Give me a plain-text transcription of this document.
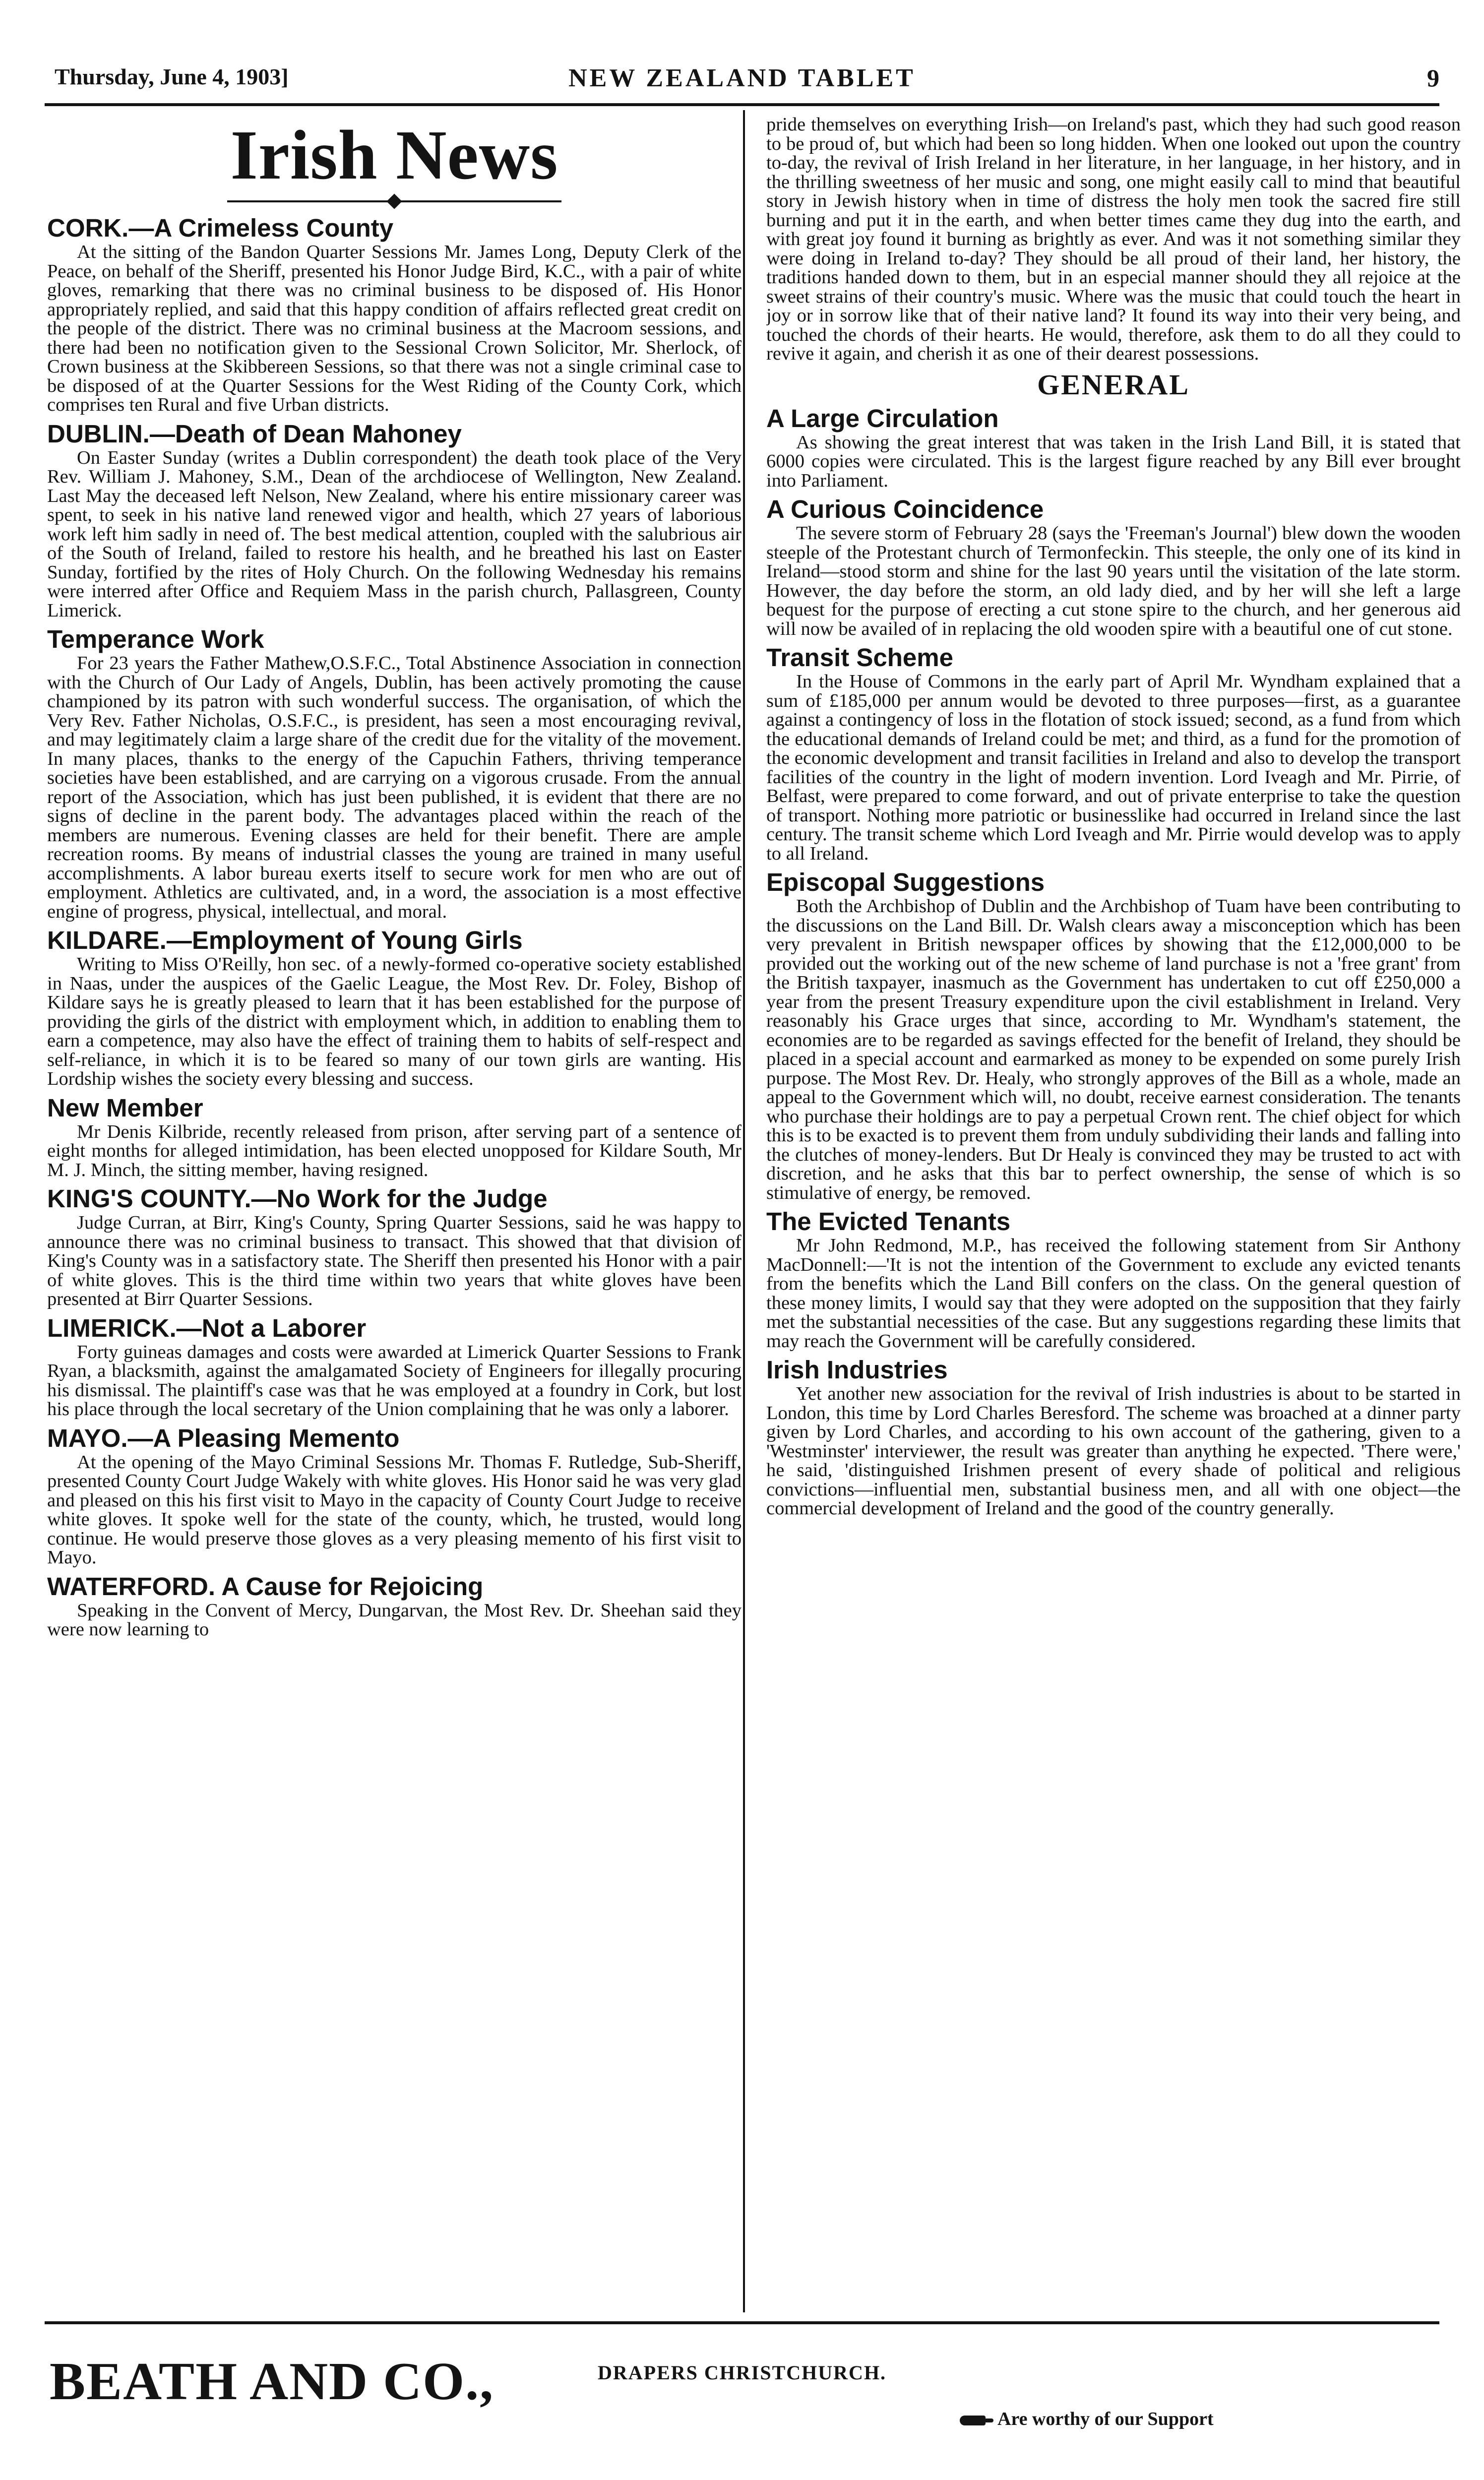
Thursday, June 4, 1903]	NEW ZEALAND TABLET	9
Irish News
CORK.—A Crimeless County

At the sitting of the Bandon Quarter Sessions Mr. James Long, Deputy Clerk of the Peace, on behalf of the Sheriff, presented his Honor Judge Bird, K.C., with a pair of white gloves, remarking that there was no criminal business to be disposed of. His Honor appropriately replied, and said that this happy condition of affairs reflected great credit on the people of the district. There was no criminal business at the Macroom sessions, and there had been no notification given to the Sessional Crown Solicitor, Mr. Sherlock, of Crown business at the Skibbereen Sessions, so that there was not a single criminal case to be disposed of at the Quarter Sessions for the West Riding of the County Cork, which comprises ten Rural and five Urban districts.

DUBLIN.—Death of Dean Mahoney

On Easter Sunday (writes a Dublin correspondent) the death took place of the Very Rev. William J. Mahoney, S.M., Dean of the archdiocese of Wellington, New Zealand. Last May the deceased left Nelson, New Zealand, where his entire missionary career was spent, to seek in his native land renewed vigor and health, which 27 years of laborious work left him sadly in need of. The best medical attention, coupled with the salubrious air of the South of Ireland, failed to restore his health, and he breathed his last on Easter Sunday, fortified by the rites of Holy Church. On the following Wednesday his remains were interred after Office and Requiem Mass in the parish church, Pallasgreen, County Limerick.

Temperance Work

For 23 years the Father Mathew,O.S.F.C., Total Abstinence Association in connection with the Church of Our Lady of Angels, Dublin, has been actively promoting the cause championed by its patron with such wonderful success. The organisation, of which the Very Rev. Father Nicholas, O.S.F.C., is president, has seen a most encouraging revival, and may legitimately claim a large share of the credit due for the vitality of the movement. In many places, thanks to the energy of the Capuchin Fathers, thriving temperance societies have been established, and are carrying on a vigorous crusade. From the annual report of the Association, which has just been published, it is evident that there are no signs of decline in the parent body. The advantages placed within the reach of the members are numerous. Evening classes are held for their benefit. There are ample recreation rooms. By means of industrial classes the young are trained in many useful accomplishments. A labor bureau exerts itself to secure work for men who are out of employment. Athletics are cultivated, and, in a word, the association is a most effective engine of progress, physical, intellectual, and moral.

KILDARE.—Employment of Young Girls

Writing to Miss O'Reilly, hon sec. of a newly-formed co-operative society established in Naas, under the auspices of the Gaelic League, the Most Rev. Dr. Foley, Bishop of Kildare says he is greatly pleased to learn that it has been established for the purpose of providing the girls of the district with employment which, in addition to enabling them to earn a competence, may also have the effect of training them to habits of self-respect and self-reliance, in which it is to be feared so many of our town girls are wanting. His Lordship wishes the society every blessing and success.

New Member

Mr Denis Kilbride, recently released from prison, after serving part of a sentence of eight months for alleged intimidation, has been elected unopposed for Kildare South, Mr M. J. Minch, the sitting member, having resigned.

KING'S COUNTY.—No Work for the Judge

Judge Curran, at Birr, King's County, Spring Quarter Sessions, said he was happy to announce there was no criminal business to transact. This showed that that division of King's County was in a satisfactory state. The Sheriff then presented his Honor with a pair of white gloves. This is the third time within two years that white gloves have been presented at Birr Quarter Sessions.

LIMERICK.—Not a Laborer

Forty guineas damages and costs were awarded at Limerick Quarter Sessions to Frank Ryan, a blacksmith, against the amalgamated Society of Engineers for illegally procuring his dismissal. The plaintiff's case was that he was employed at a foundry in Cork, but lost his place through the local secretary of the Union complaining that he was only a laborer.

MAYO.—A Pleasing Memento

At the opening of the Mayo Criminal Sessions Mr. Thomas F. Rutledge, Sub-Sheriff, presented County Court Judge Wakely with white gloves. His Honor said he was very glad and pleased on this his first visit to Mayo in the capacity of County Court Judge to receive white gloves. It spoke well for the state of the county, which, he trusted, would long continue. He would preserve those gloves as a very pleasing memento of his first visit to Mayo.

WATERFORD. A Cause for Rejoicing

Speaking in the Convent of Mercy, Dungarvan, the Most Rev. Dr. Sheehan said they were now learning to

pride themselves on everything Irish—on Ireland's past, which they had such good reason to be proud of, but which had been so long hidden. When one looked out upon the country to-day, the revival of Irish Ireland in her literature, in her language, in her history, and in the thrilling sweetness of her music and song, one might easily call to mind that beautiful story in Jewish history when in time of distress the holy men took the sacred fire still burning and put it in the earth, and when better times came they dug into the earth, and with great joy found it burning as brightly as ever. And was it not something similar they were doing in Ireland to-day? They should be all proud of their land, her history, the traditions handed down to them, but in an especial manner should they all rejoice at the sweet strains of their country's music. Where was the music that could touch the heart in joy or in sorrow like that of their native land? It found its way into their very being, and touched the chords of their hearts. He would, therefore, ask them to do all they could to revive it again, and cherish it as one of their dearest possessions.

GENERAL
A Large Circulation

As showing the great interest that was taken in the Irish Land Bill, it is stated that 6000 copies were circulated. This is the largest figure reached by any Bill ever brought into Parliament.

A Curious Coincidence

The severe storm of February 28 (says the 'Freeman's Journal') blew down the wooden steeple of the Protestant church of Termonfeckin. This steeple, the only one of its kind in Ireland—stood storm and shine for the last 90 years until the visitation of the late storm. However, the day before the storm, an old lady died, and by her will she left a large bequest for the purpose of erecting a cut stone spire to the church, and her generous aid will now be availed of in replacing the old wooden spire with a beautiful one of cut stone.

Transit Scheme

In the House of Commons in the early part of April Mr. Wyndham explained that a sum of £185,000 per annum would be devoted to three purposes—first, as a guarantee against a contingency of loss in the flotation of stock issued; second, as a fund from which the educational demands of Ireland could be met; and third, as a fund for the promotion of the economic development and transit facilities in Ireland and also to develop the transport facilities of the country in the light of modern invention. Lord Iveagh and Mr. Pirrie, of Belfast, were prepared to come forward, and out of private enterprise to take the question of transport. Nothing more patriotic or businesslike had occurred in Ireland since the last century. The transit scheme which Lord Iveagh and Mr. Pirrie would develop was to apply to all Ireland.

Episcopal Suggestions

Both the Archbishop of Dublin and the Archbishop of Tuam have been contributing to the discussions on the Land Bill. Dr. Walsh clears away a misconception which has been very prevalent in British newspaper offices by showing that the £12,000,000 to be provided out the working out of the new scheme of land purchase is not a 'free grant' from the British taxpayer, inasmuch as the Government has undertaken to cut off £250,000 a year from the present Treasury expenditure upon the civil establishment in Ireland. Very reasonably his Grace urges that since, according to Mr. Wyndham's statement, the economies are to be regarded as savings effected for the benefit of Ireland, they should be placed in a special account and earmarked as money to be expended on some purely Irish purpose. The Most Rev. Dr. Healy, who strongly approves of the Bill as a whole, made an appeal to the Government which will, no doubt, receive earnest consideration. The tenants who purchase their holdings are to pay a perpetual Crown rent. The chief object for which this is to be exacted is to prevent them from unduly subdividing their lands and falling into the clutches of money-lenders. But Dr Healy is convinced they may be trusted to act with discretion, and he asks that this bar to perfect ownership, the sense of which is so stimulative of energy, be removed.

The Evicted Tenants

Mr John Redmond, M.P., has received the following statement from Sir Anthony MacDonnell:—'It is not the intention of the Government to exclude any evicted tenants from the benefits which the Land Bill confers on the class. On the general question of these money limits, I would say that they were adopted on the supposition that they fairly met the substantial necessities of the case. But any suggestions regarding these limits that may reach the Government will be carefully considered.

Irish Industries

Yet another new association for the revival of Irish industries is about to be started in London, this time by Lord Charles Beresford. The scheme was broached at a dinner party given by Lord Charles, and according to his own account of the gathering, given to a 'Westminster' interviewer, the result was greater than anything he expected. 'There were,' he said, 'distinguished Irishmen present of every shade of political and religious convictions—influential men, substantial business men, and all with one object—the commercial development of Ireland and the good of the country generally.

BEATH AND CO.,	DRAPERS CHRISTCHURCH.
Are worthy of our Support
